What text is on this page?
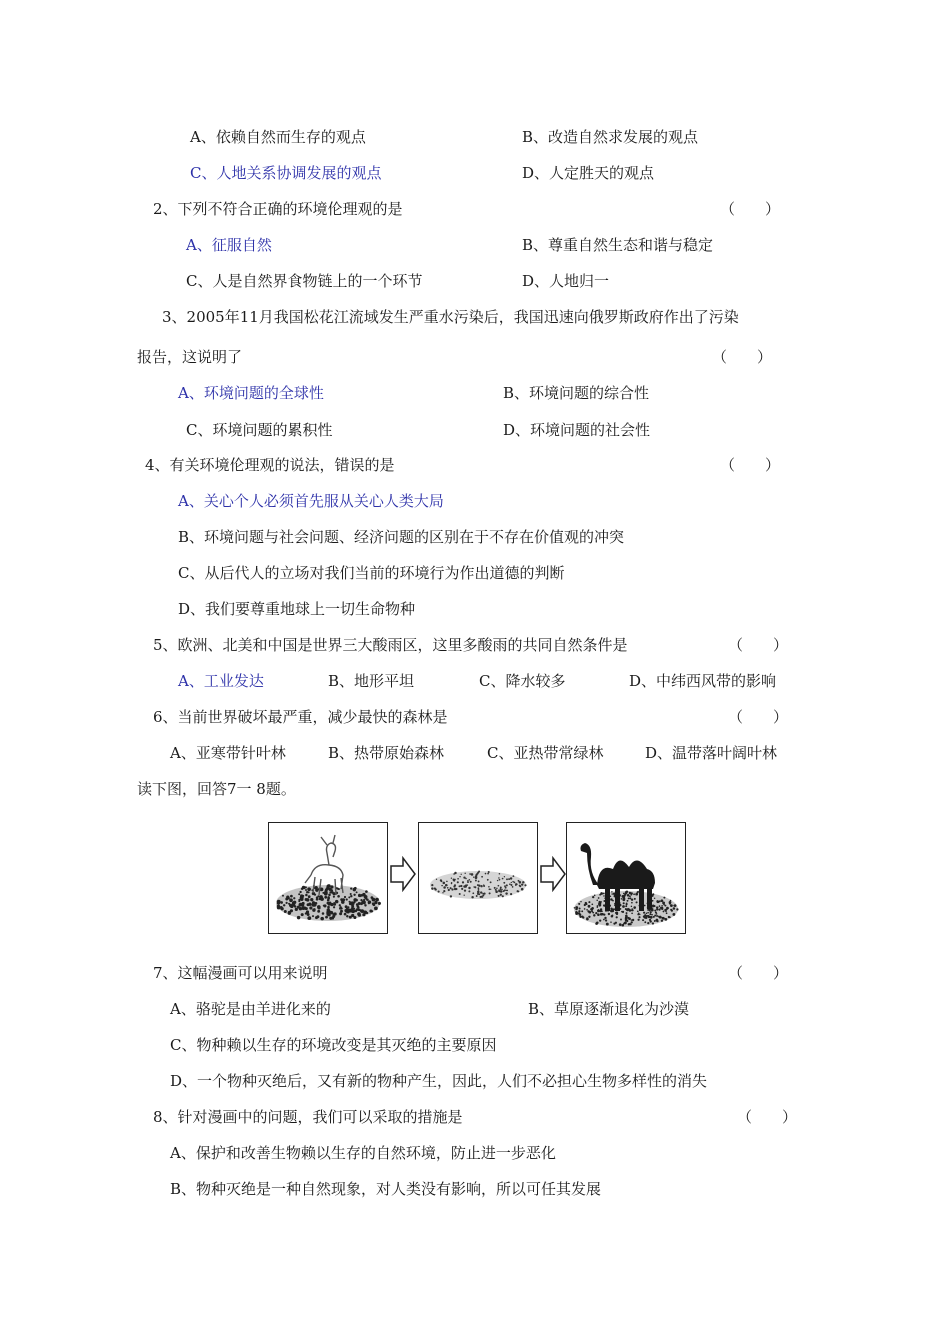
A、依赖自然而生存的观点	B、改造自然求发展的观点
C、人地关系协调发展的观点	D、人定胜天的观点
2、下列不符合正确的环境伦理观的是	（　　）
A、征服自然	B、尊重自然生态和谐与稳定
C、人是自然界食物链上的一个环节	D、人地归一
3、2005年11月我国松花江流域发生严重水污染后，我国迅速向俄罗斯政府作出了污染
报告，这说明了	（　　）
A、环境问题的全球性	B、环境问题的综合性
C、环境问题的累积性	D、环境问题的社会性
4、有关环境伦理观的说法，错误的是	（　　）
A、关心个人必须首先服从关心人类大局
B、环境问题与社会问题、经济问题的区别在于不存在价值观的冲突
C、从后代人的立场对我们当前的环境行为作出道德的判断
D、我们要尊重地球上一切生命物种
5、欧洲、北美和中国是世界三大酸雨区，这里多酸雨的共同自然条件是	（　　）
A、工业发达	B、地形平坦	C、降水较多	D、中纬西风带的影响
6、当前世界破坏最严重，减少最快的森林是	（　　）
A、亚寒带针叶林	B、热带原始森林	C、亚热带常绿林	D、温带落叶阔叶林
读下图，回答7一 8题。
7、这幅漫画可以用来说明	（　　）
A、骆驼是由羊进化来的	B、草原逐渐退化为沙漠
C、物种赖以生存的环境改变是其灭绝的主要原因
D、一个物种灭绝后，又有新的物种产生，因此，人们不必担心生物多样性的消失
8、针对漫画中的问题，我们可以采取的措施是	（　　）
A、保护和改善生物赖以生存的自然环境，防止进一步恶化
B、物种灭绝是一种自然现象，对人类没有影响，所以可任其发展
